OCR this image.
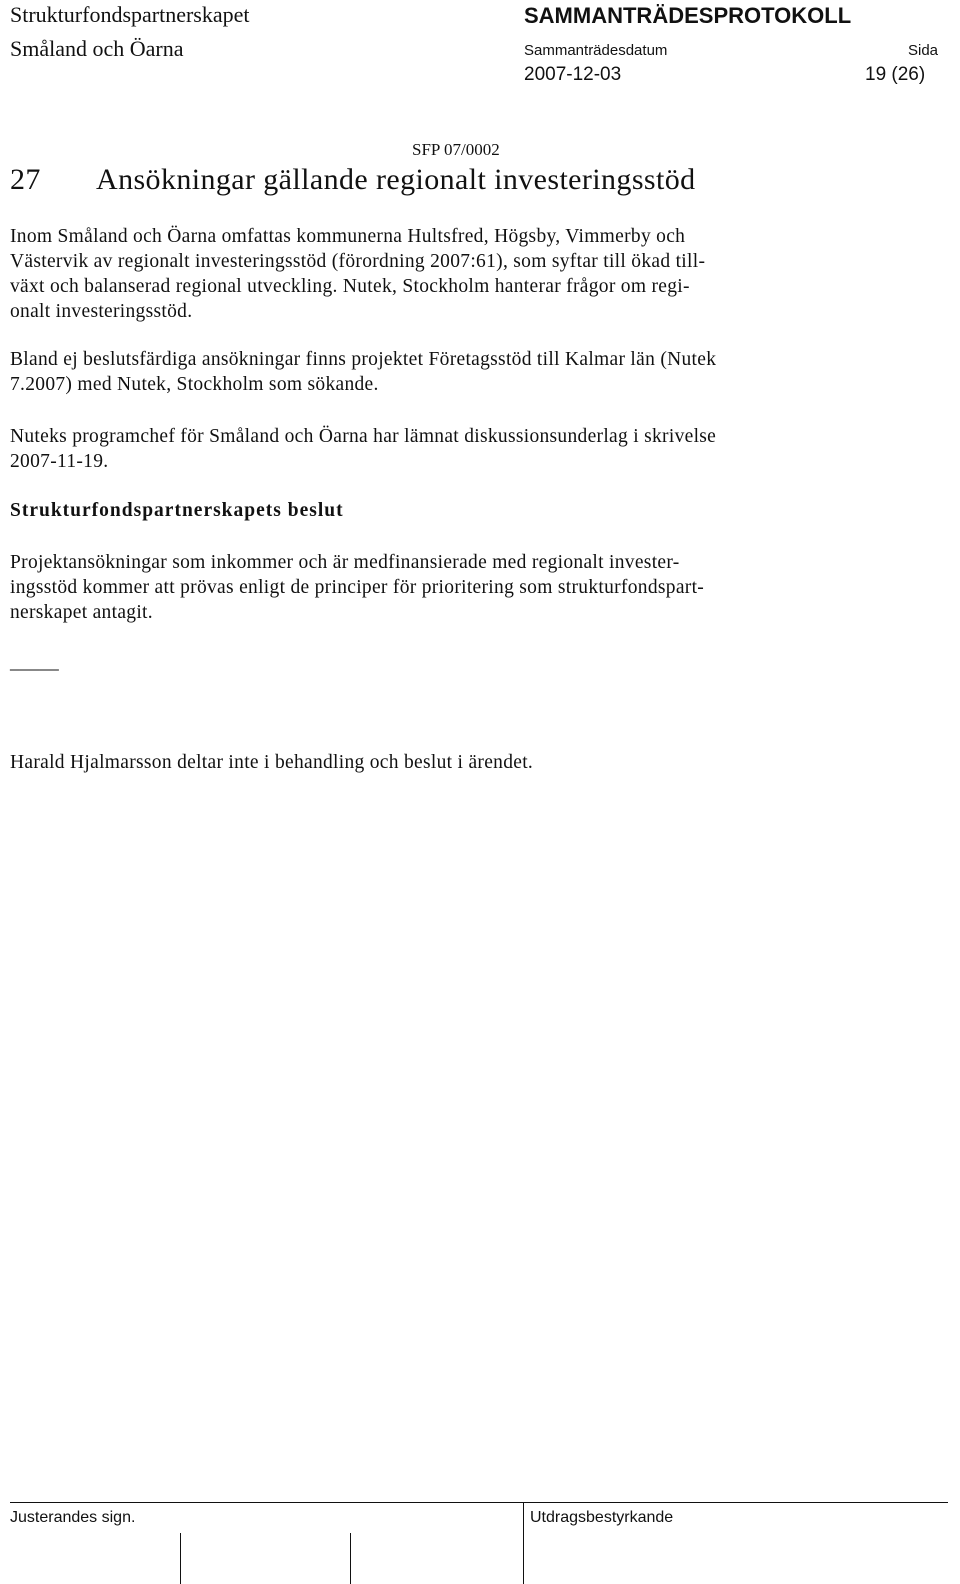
Strukturfondspartnerskapet
Småland och Öarna
SAMMANTRÄDESPROTOKOLL
Sammanträdesdatum
2007-12-03
Sida
19 (26)
SFP 07/0002
27 Ansökningar gällande regionalt investeringsstöd

Inom Småland och Öarna omfattas kommunerna Hultsfred, Högsby, Vimmerby och
Västervik av regionalt investeringsstöd (förordning 2007:61), som syftar till ökad till-
växt och balanserad regional utveckling. Nutek, Stockholm hanterar frågor om regi-
onalt investeringsstöd.

Bland ej beslutsfärdiga ansökningar finns projektet Företagsstöd till Kalmar län (Nutek
7.2007) med Nutek, Stockholm som sökande.

Nuteks programchef för Småland och Öarna har lämnat diskussionsunderlag i skrivelse
2007-11-19.

Strukturfondspartnerskapets beslut

Projektansökningar som inkommer och är medfinansierade med regionalt invester-
ingsstöd kommer att prövas enligt de principer för prioritering som strukturfondspart-
nerskapet antagit.

_____
Harald Hjalmarsson deltar inte i behandling och beslut i ärendet.
Justerandes sign.	Utdragsbestyrkande
